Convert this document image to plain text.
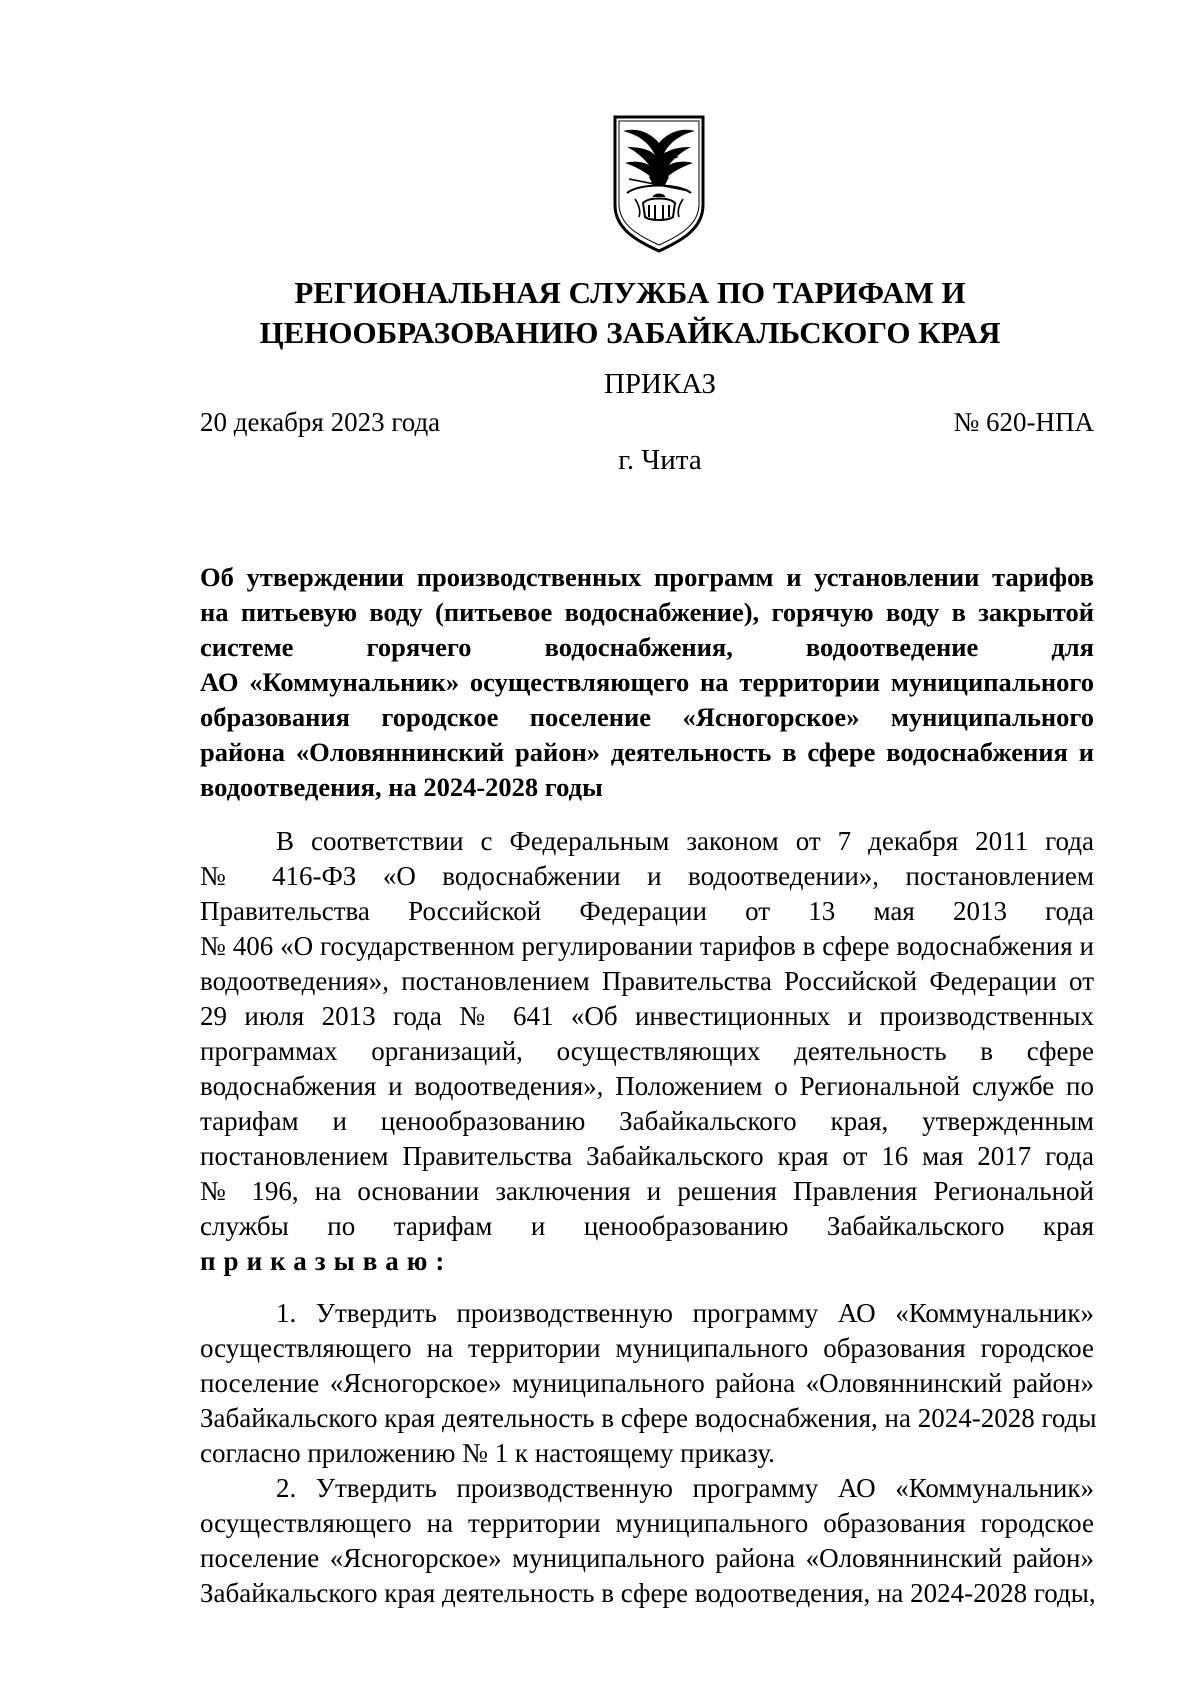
РЕГИОНАЛЬНАЯ СЛУЖБА ПО ТАРИФАМ И
ЦЕНООБРАЗОВАНИЮ ЗАБАЙКАЛЬСКОГО КРАЯ
ПРИКАЗ
20 декабря 2023 года	№ 620-НПА
г. Чита
Об утверждении производственных программ и установлении тарифов
на питьевую воду (питьевое водоснабжение), горячую воду в закрытой
системе горячего водоснабжения, водоотведение для
АО «Коммунальник» осуществляющего на территории муниципального
образования городское поселение «Ясногорское» муниципального
района «Оловяннинский район» деятельность в сфере водоснабжения и
водоотведения, на 2024-2028 годы
В соответствии с Федеральным законом от 7 декабря 2011 года
№ 416-ФЗ «О водоснабжении и водоотведении», постановлением
Правительства Российской Федерации от 13 мая 2013 года
№ 406 «О государственном регулировании тарифов в сфере водоснабжения и
водоотведения», постановлением Правительства Российской Федерации от
29 июля 2013 года № 641 «Об инвестиционных и производственных
программах организаций, осуществляющих деятельность в сфере
водоснабжения и водоотведения», Положением о Региональной службе по
тарифам и ценообразованию Забайкальского края, утвержденным
постановлением Правительства Забайкальского края от 16 мая 2017 года
№ 196, на основании заключения и решения Правления Региональной
службы по тарифам и ценообразованию Забайкальского края
приказываю:
1. Утвердить производственную программу АО «Коммунальник»
осуществляющего на территории муниципального образования городское
поселение «Ясногорское» муниципального района «Оловяннинский район»
Забайкальского края деятельность в сфере водоснабжения, на 2024-2028 годы
согласно приложению № 1 к настоящему приказу.
2. Утвердить производственную программу АО «Коммунальник»
осуществляющего на территории муниципального образования городское
поселение «Ясногорское» муниципального района «Оловяннинский район»
Забайкальского края деятельность в сфере водоотведения, на 2024-2028 годы,
